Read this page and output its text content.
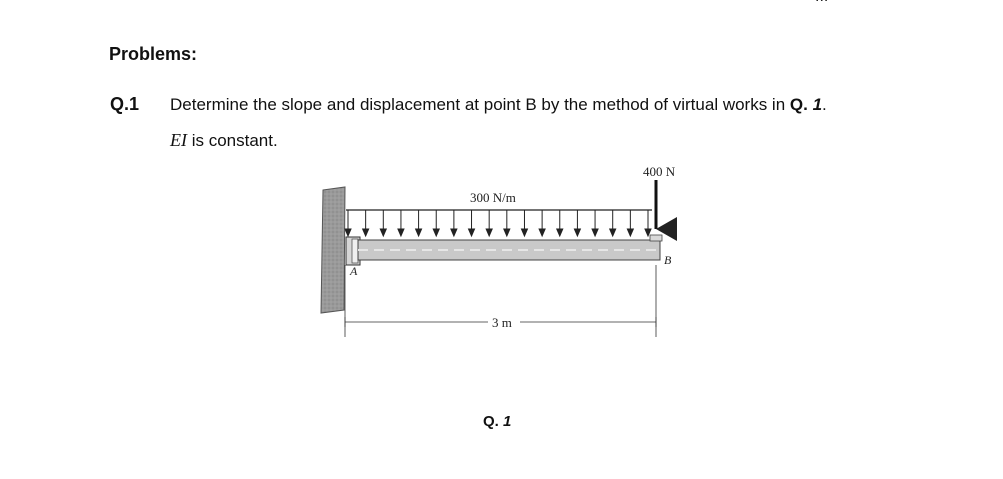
Problems:
Q.1 Determine the slope and displacement at point B by the method of virtual works in Q. 1.
EI is constant.
300 N/m
400 N
A
B
3 m
Q. 1
